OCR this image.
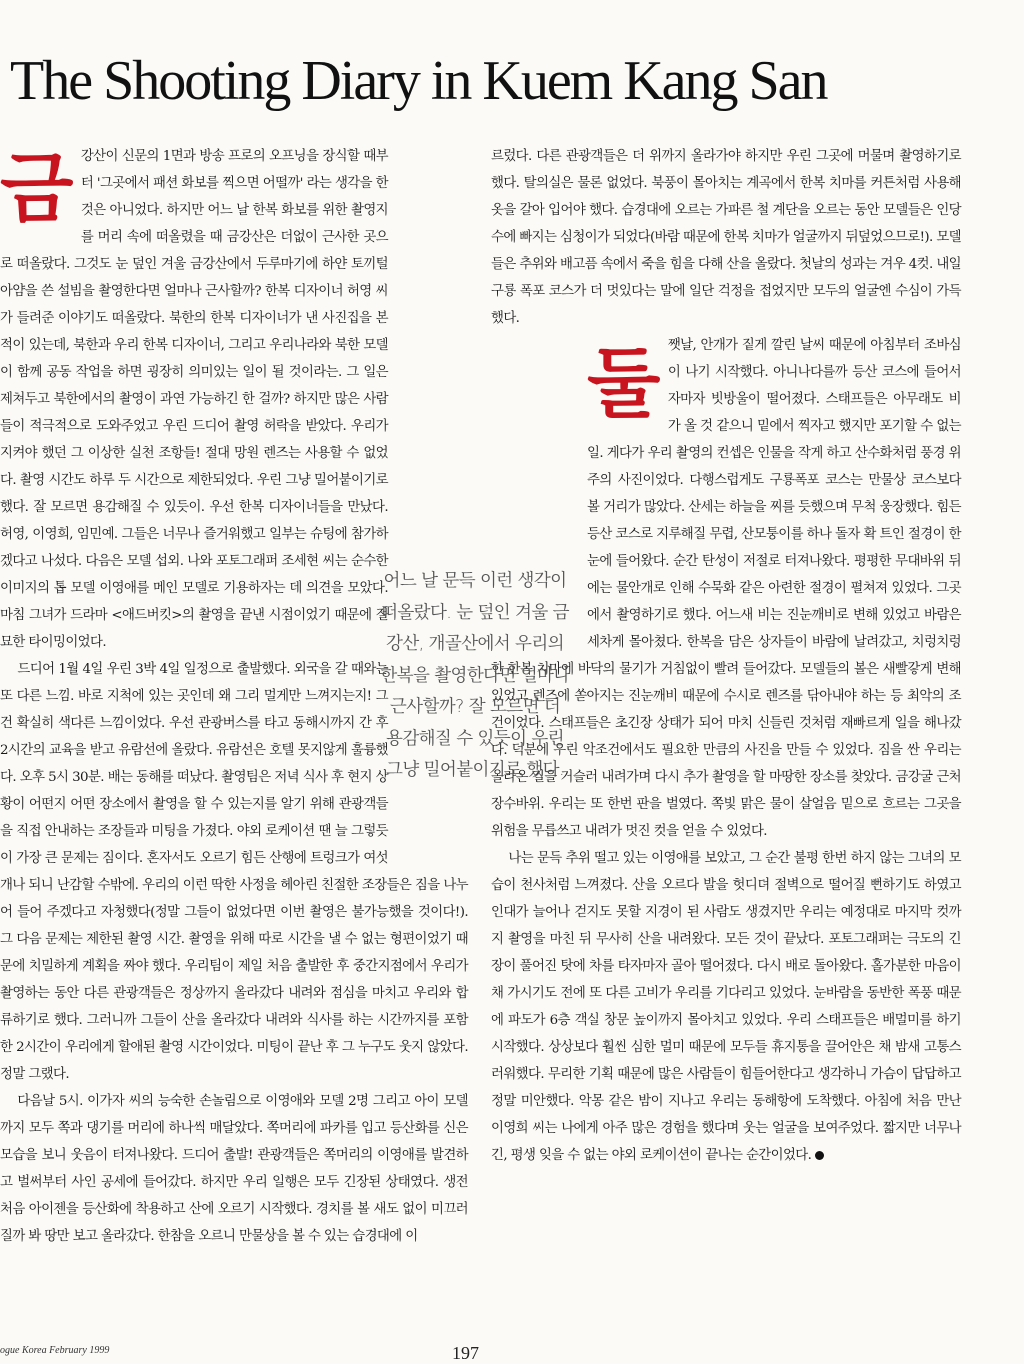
The Shooting Diary in Kuem Kang San

금강산이 신문의 1면과 방송 프로의 오프닝을 장식할 때부터 '그곳에서 패션 화보를 찍으면 어떨까' 라는 생각을 한 것은 아니었다. 하지만 어느 날 한복 화보를 위한 촬영지를 머리 속에 떠올렸을 때 금강산은 더없이 근사한 곳으로 떠올랐다. 그것도 눈 덮인 겨울 금강산에서 두루마기에 하얀 토끼털 아얌을 쓴 설빔을 촬영한다면 얼마나 근사할까? 한복 디자이너 허영 씨가 들려준 이야기도 떠올랐다. 북한의 한복 디자이너가 낸 사진집을 본 적이 있는데, 북한과 우리 한복 디자이너, 그리고 우리나라와 북한 모델이 함께 공동 작업을 하면 굉장히 의미있는 일이 될 것이라는. 그 일은 제쳐두고 북한에서의 촬영이 과연 가능하긴 한 걸까? 하지만 많은 사람들이 적극적으로 도와주었고 우린 드디어 촬영 허락을 받았다. 우리가 지켜야 했던 그 이상한 실천 조항들! 절대 망원 렌즈는 사용할 수 없었다. 촬영 시간도 하루 두 시간으로 제한되었다. 우린 그냥 밀어붙이기로 했다. 잘 모르면 용감해질 수 있듯이. 우선 한복 디자이너들을 만났다. 허영, 이영희, 임민예. 그들은 너무나 즐거워했고 일부는 슈팅에 참가하겠다고 나섰다. 다음은 모델 섭외. 나와 포토그래퍼 조세현 씨는 순수한 이미지의 톱 모델 이영애를 메인 모델로 기용하자는 데 의견을 모았다. 마침 그녀가 드라마 <애드버킷>의 촬영을 끝낸 시점이었기 때문에 절묘한 타이밍이었다.

드디어 1월 4일 우린 3박 4일 일정으로 출발했다. 외국을 갈 때와는 또 다른 느낌. 바로 지척에 있는 곳인데 왜 그리 멀게만 느껴지는지! 그건 확실히 색다른 느낌이었다. 우선 관광버스를 타고 동해시까지 간 후 2시간의 교육을 받고 유람선에 올랐다. 유람선은 호텔 못지않게 훌륭했다. 오후 5시 30분. 배는 동해를 떠났다. 촬영팀은 저녁 식사 후 현지 상황이 어떤지 어떤 장소에서 촬영을 할 수 있는지를 알기 위해 관광객들을 직접 안내하는 조장들과 미팅을 가졌다. 야외 로케이션 땐 늘 그렇듯이 가장 큰 문제는 짐이다. 혼자서도 오르기 힘든 산행에 트렁크가 여섯 개나 되니 난감할 수밖에. 우리의 이런 딱한 사정을 헤아린 친절한 조장들은 짐을 나누어 들어 주겠다고 자청했다(정말 그들이 없었다면 이번 촬영은 불가능했을 것이다!). 그 다음 문제는 제한된 촬영 시간. 촬영을 위해 따로 시간을 낼 수 없는 형편이었기 때문에 치밀하게 계획을 짜야 했다. 우리팀이 제일 처음 출발한 후 중간지점에서 우리가 촬영하는 동안 다른 관광객들은 정상까지 올라갔다 내려와 점심을 마치고 우리와 합류하기로 했다. 그러니까 그들이 산을 올라갔다 내려와 식사를 하는 시간까지를 포함한 2시간이 우리에게 할애된 촬영 시간이었다. 미팅이 끝난 후 그 누구도 웃지 않았다. 정말 그랬다.

다음날 5시. 이가자 씨의 능숙한 손놀림으로 이영애와 모델 2명 그리고 아이 모델까지 모두 쪽과 댕기를 머리에 하나씩 매달았다. 쪽머리에 파카를 입고 등산화를 신은 모습을 보니 웃음이 터져나왔다. 드디어 출발! 관광객들은 쪽머리의 이영애를 발견하고 벌써부터 사인 공세에 들어갔다. 하지만 우리 일행은 모두 긴장된 상태였다. 생전 처음 아이젠을 등산화에 착용하고 산에 오르기 시작했다. 경치를 볼 새도 없이 미끄러질까 봐 땅만 보고 올라갔다. 한참을 오르니 만물상을 볼 수 있는 습경대에 이

르렀다. 다른 관광객들은 더 위까지 올라가야 하지만 우린 그곳에 머물며 촬영하기로 했다. 탈의실은 물론 없었다. 북풍이 몰아치는 계곡에서 한복 치마를 커튼처럼 사용해 옷을 갈아 입어야 했다. 습경대에 오르는 가파른 철 계단을 오르는 동안 모델들은 인당수에 빠지는 심청이가 되었다(바람 때문에 한복 치마가 얼굴까지 뒤덮었으므로!). 모델들은 추위와 배고픔 속에서 죽을 힘을 다해 산을 올랐다. 첫날의 성과는 겨우 4컷. 내일 구룡 폭포 코스가 더 멋있다는 말에 일단 걱정을 접었지만 모두의 얼굴엔 수심이 가득했다.

둘쨋날, 안개가 짙게 깔린 날씨 때문에 아침부터 조바심이 나기 시작했다. 아니나다를까 등산 코스에 들어서자마자 빗방울이 떨어졌다. 스태프들은 아무래도 비가 올 것 같으니 밑에서 찍자고 했지만 포기할 수 없는 일. 게다가 우리 촬영의 컨셉은 인물을 작게 하고 산수화처럼 풍경 위주의 사진이었다. 다행스럽게도 구룡폭포 코스는 만물상 코스보다 볼 거리가 많았다. 산세는 하늘을 찌를 듯했으며 무척 웅장했다. 힘든 등산 코스로 지루해질 무렵, 산모퉁이를 하나 돌자 확 트인 절경이 한눈에 들어왔다. 순간 탄성이 저절로 터져나왔다. 평평한 무대바위 뒤에는 물안개로 인해 수묵화 같은 아련한 절경이 펼쳐져 있었다. 그곳에서 촬영하기로 했다. 어느새 비는 진눈깨비로 변해 있었고 바람은 세차게 몰아쳤다. 한복을 담은 상자들이 바람에 날려갔고, 치렁치렁한 한복 치마에 바닥의 물기가 거침없이 빨려 들어갔다. 모델들의 볼은 새빨갛게 변해 있었고 렌즈에 쏟아지는 진눈깨비 때문에 수시로 렌즈를 닦아내야 하는 등 최악의 조건이었다. 스태프들은 초긴장 상태가 되어 마치 신들린 것처럼 재빠르게 일을 해나갔다. 덕분에 우린 악조건에서도 필요한 만큼의 사진을 만들 수 있었다. 짐을 싼 우리는 올라온 길을 거슬러 내려가며 다시 추가 촬영을 할 마땅한 장소를 찾았다. 금강굴 근처 장수바위. 우리는 또 한번 판을 벌였다. 쪽빛 맑은 물이 살얼음 밑으로 흐르는 그곳을 위험을 무릅쓰고 내려가 멋진 컷을 얻을 수 있었다.

나는 문득 추위 떨고 있는 이영애를 보았고, 그 순간 불평 한번 하지 않는 그녀의 모습이 천사처럼 느껴졌다. 산을 오르다 발을 헛디뎌 절벽으로 떨어질 뻔하기도 하였고 인대가 늘어나 걷지도 못할 지경이 된 사람도 생겼지만 우리는 예정대로 마지막 컷까지 촬영을 마친 뒤 무사히 산을 내려왔다. 모든 것이 끝났다. 포토그래퍼는 극도의 긴장이 풀어진 탓에 차를 타자마자 골아 떨어졌다. 다시 배로 돌아왔다. 홀가분한 마음이 채 가시기도 전에 또 다른 고비가 우리를 기다리고 있었다. 눈바람을 동반한 폭풍 때문에 파도가 6층 객실 창문 높이까지 몰아치고 있었다. 우리 스태프들은 배멀미를 하기시작했다. 상상보다 훨씬 심한 멀미 때문에 모두들 휴지통을 끌어안은 채 밤새 고통스러워했다. 무리한 기획 때문에 많은 사람들이 힘들어한다고 생각하니 가슴이 답답하고 정말 미안했다. 악몽 같은 밤이 지나고 우리는 동해항에 도착했다. 아침에 처음 만난 이영희 씨는 나에게 아주 많은 경험을 했다며 웃는 얼굴을 보여주었다. 짧지만 너무나 긴, 평생 잊을 수 없는 야외 로케이션이 끝나는 순간이었다.

어느 날 문득 이런 생각이 떠올랐다. 눈 덮인 겨울 금강산, 개골산에서 우리의 한복을 촬영한다면 얼마나 근사할까? 잘 모르면 더 용감해질 수 있듯이 우린 그냥 밀어붙이기로 했다.
ogue Korea February 1999	197
